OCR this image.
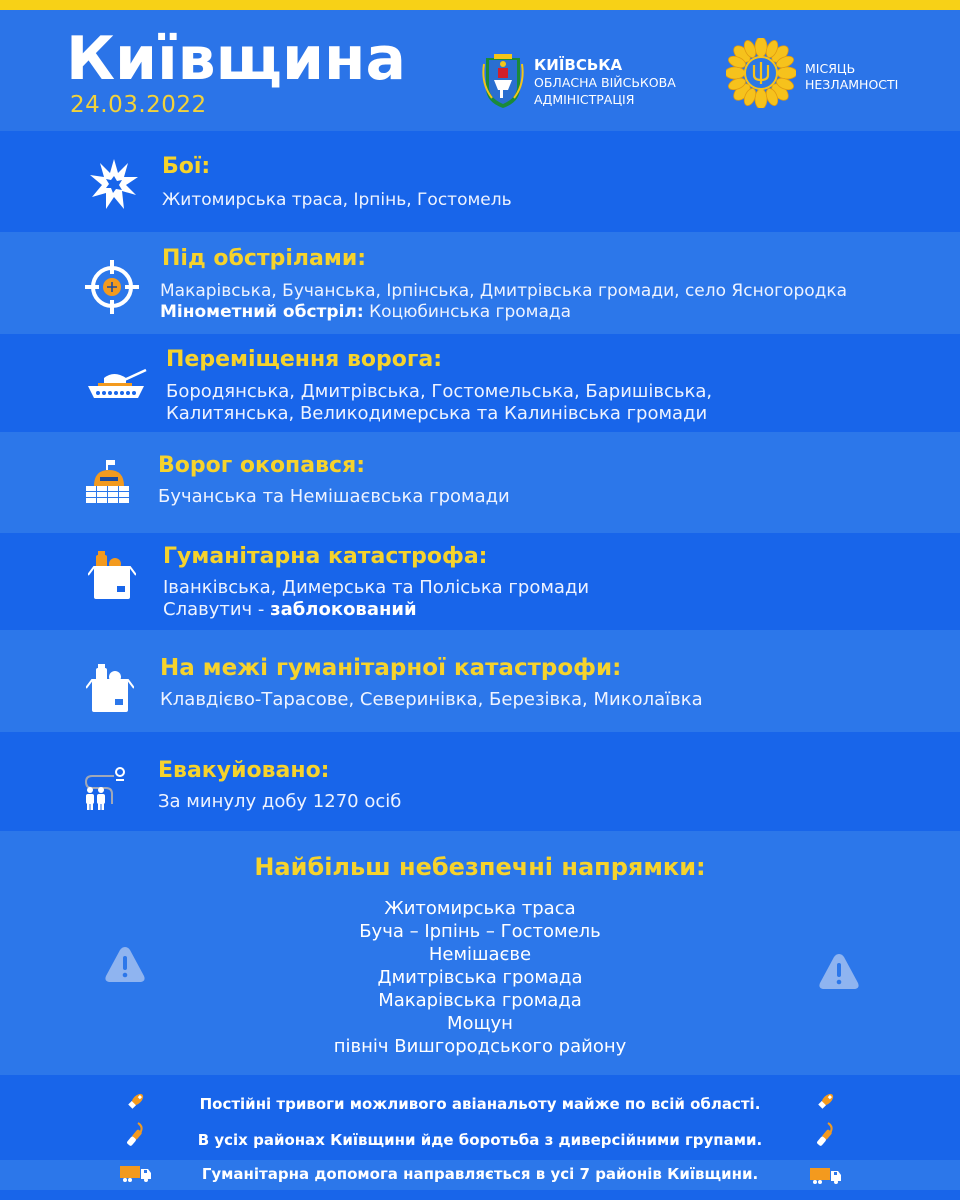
Київщина
24.03.2022
КИЇВСЬКА
ОБЛАСНА ВІЙСЬКОВА
АДМІНІСТРАЦІЯ
МІСЯЦЬ
НЕЗЛАМНОСТІ
Бої:
Житомирська траса, Ірпінь, Гостомель
Під обстрілами:
Макарівська, Бучанська, Ірпінська, Дмитрівська громади, село Ясногородка
Мінометний обстріл: Коцюбинська громада
Переміщення ворога:
Бородянська, Дмитрівська, Гостомельська, Баришівська,
Калитянська, Великодимерська та Калинівська громади
Ворог окопався:
Бучанська та Немішаєвська громади
Гуманітарна катастрофа:
Іванківська, Димерська та Поліська громади
Славутич - заблокований
На межі гуманітарної катастрофи:
Клавдієво-Тарасове, Северинівка, Березівка, Миколаївка
Евакуйовано:
За минулу добу 1270 осіб
Найбільш небезпечні напрямки:
Житомирська траса
Буча – Ірпінь – Гостомель
Немішаєве
Дмитрівська громада
Макарівська громада
Мощун
північ Вишгородського району
Постійні тривоги можливого авіанальоту майже по всій області.
В усіх районах Київщини йде боротьба з диверсійними групами.
Гуманітарна допомога направляється в усі 7 районів Київщини.
